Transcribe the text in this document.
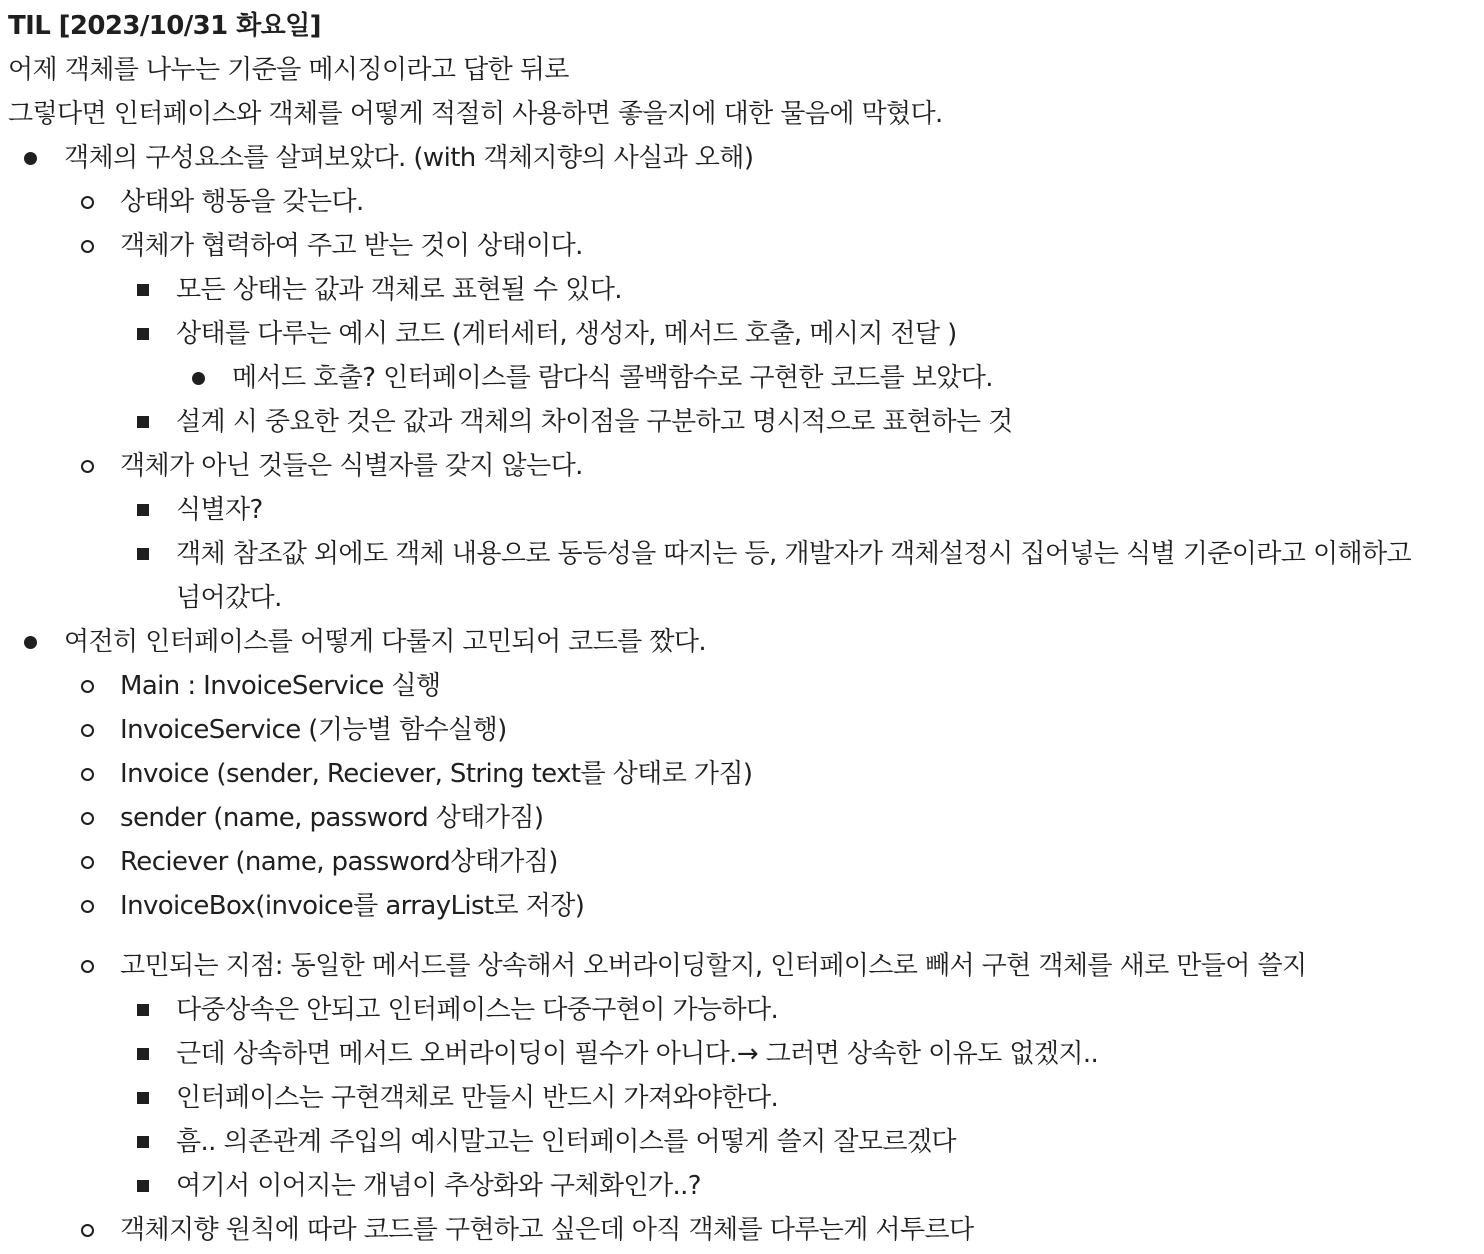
TIL [2023/10/31 화요일]
어제 객체를 나누는 기준을 메시징이라고 답한 뒤로
그렇다면 인터페이스와 객체를 어떻게 적절히 사용하면 좋을지에 대한 물음에 막혔다.
객체의 구성요소를 살펴보았다. (with 객체지향의 사실과 오해)
상태와 행동을 갖는다.
객체가 협력하여 주고 받는 것이 상태이다.
모든 상태는 값과 객체로 표현될 수 있다.
상태를 다루는 예시 코드 (게터세터, 생성자, 메서드 호출, 메시지 전달 )
메서드 호출? 인터페이스를 람다식 콜백함수로 구현한 코드를 보았다.
설계 시 중요한 것은 값과 객체의 차이점을 구분하고 명시적으로 표현하는 것
객체가 아닌 것들은 식별자를 갖지 않는다.
식별자?
객체 참조값 외에도 객체 내용으로 동등성을 따지는 등, 개발자가 객체설정시 집어넣는 식별 기준이라고 이해하고
넘어갔다.
여전히 인터페이스를 어떻게 다룰지 고민되어 코드를 짰다.
Main : InvoiceService 실행
InvoiceService (기능별 함수실행)
Invoice (sender, Reciever, String text를 상태로 가짐)
sender (name, password 상태가짐)
Reciever (name, password상태가짐)
InvoiceBox(invoice를 arrayList로 저장)
고민되는 지점: 동일한 메서드를 상속해서 오버라이딩할지, 인터페이스로 빼서 구현 객체를 새로 만들어 쓸지
다중상속은 안되고 인터페이스는 다중구현이 가능하다.
근데 상속하면 메서드 오버라이딩이 필수가 아니다.→ 그러면 상속한 이유도 없겠지..
인터페이스는 구현객체로 만들시 반드시 가져와야한다.
흠.. 의존관계 주입의 예시말고는 인터페이스를 어떻게 쓸지 잘모르겠다
여기서 이어지는 개념이 추상화와 구체화인가..?
객체지향 원칙에 따라 코드를 구현하고 싶은데 아직 객체를 다루는게 서투르다
